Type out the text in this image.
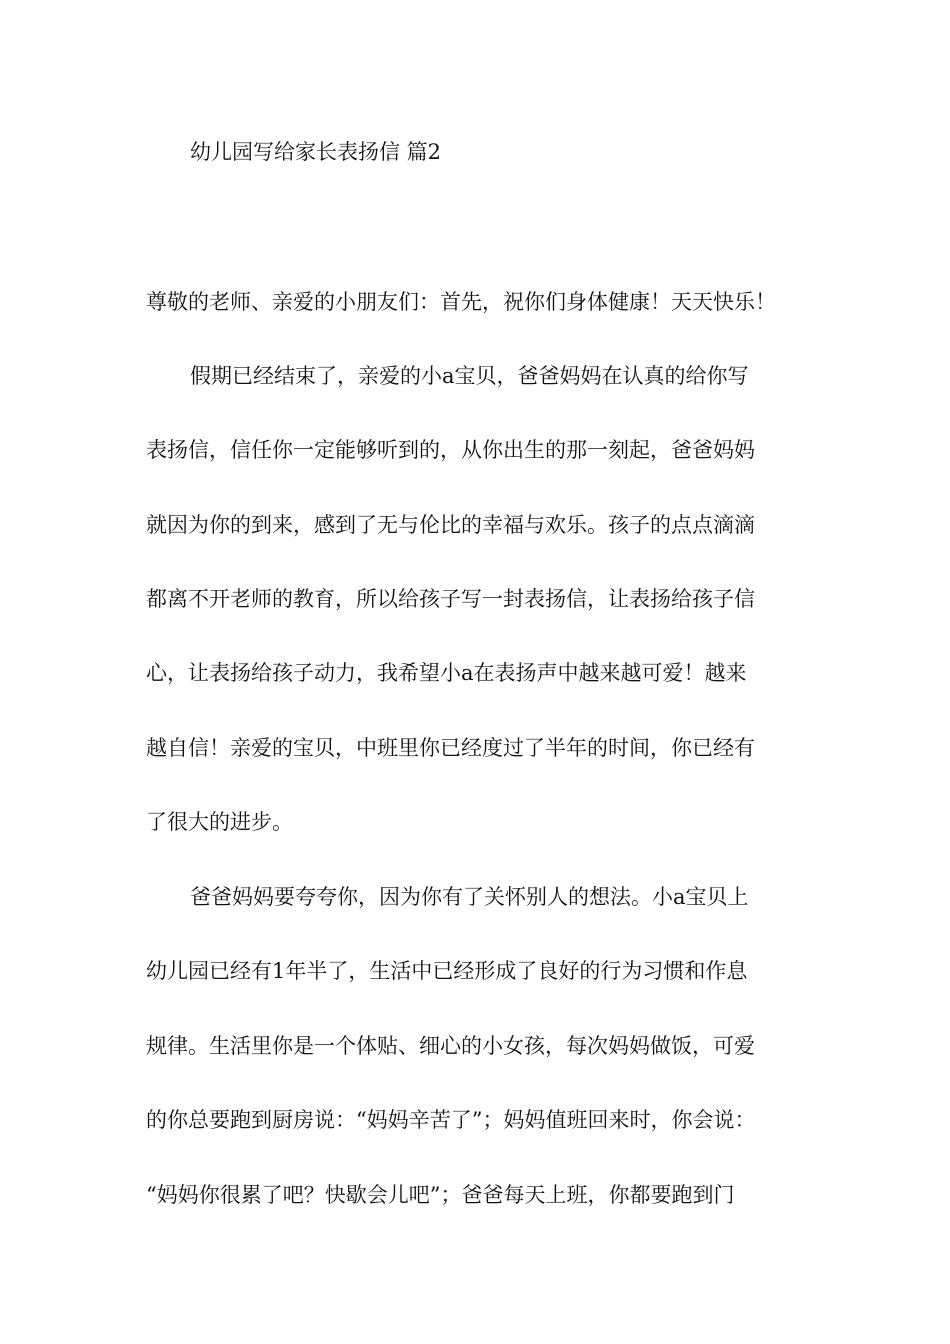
幼儿园写给家长表扬信 篇2
尊敬的老师、亲爱的小朋友们：首先，祝你们身体健康！天天快乐！
假期已经结束了，亲爱的小a宝贝，爸爸妈妈在认真的给你写
表扬信，信任你一定能够听到的，从你出生的那一刻起，爸爸妈妈
就因为你的到来，感到了无与伦比的幸福与欢乐。孩子的点点滴滴
都离不开老师的教育，所以给孩子写一封表扬信，让表扬给孩子信
心，让表扬给孩子动力，我希望小a在表扬声中越来越可爱！越来
越自信！亲爱的宝贝，中班里你已经度过了半年的时间，你已经有
了很大的进步。
爸爸妈妈要夸夸你，因为你有了关怀别人的想法。小a宝贝上
幼儿园已经有1年半了，生活中已经形成了良好的行为习惯和作息
规律。生活里你是一个体贴、细心的小女孩，每次妈妈做饭，可爱
的你总要跑到厨房说：“妈妈辛苦了”；妈妈值班回来时，你会说：
“妈妈你很累了吧？快歇会儿吧”；爸爸每天上班，你都要跑到门
